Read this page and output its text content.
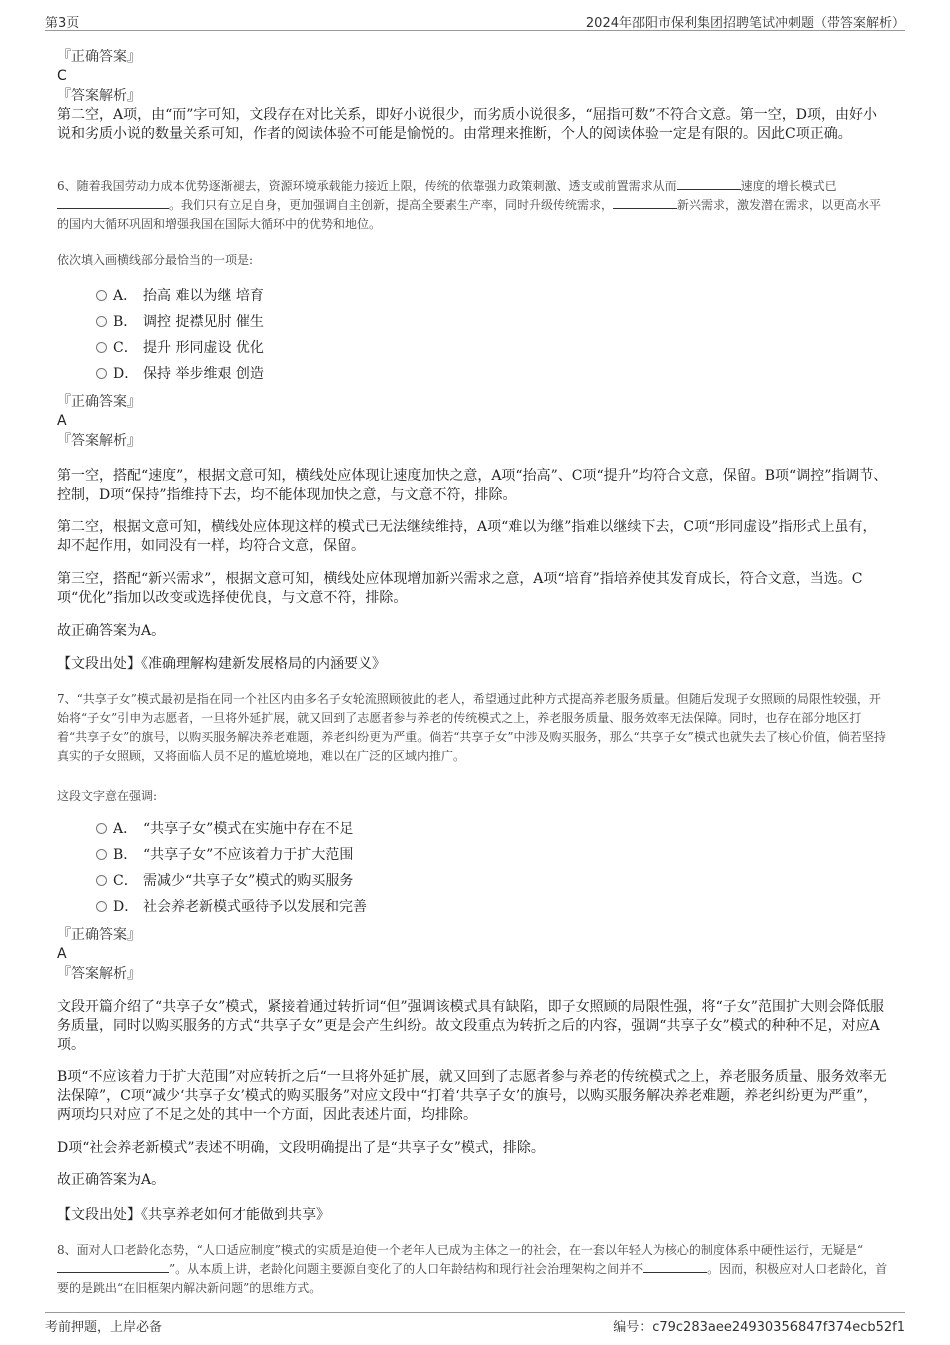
第3页	2024年邵阳市保利集团招聘笔试冲刺题（带答案解析）
『正确答案』
C
『答案解析』
第二空，A项，由“而”字可知，文段存在对比关系，即好小说很少，而劣质小说很多，“屈指可数”不符合文意。第一空，D项，由好小说和劣质小说的数量关系可知，作者的阅读体验不可能是愉悦的。由常理来推断，个人的阅读体验一定是有限的。因此C项正确。
6、随着我国劳动力成本优势逐渐褪去，资源环境承载能力接近上限，传统的依靠强力政策刺激、透支或前置需求从而	速度的增长模式已。我们只有立足自身，更加强调自主创新，提高全要素生产率，同时升级传统需求，	新兴需求，激发潜在需求，以更高水平的国内大循环巩固和增强我国在国际大循环中的优势和地位。
依次填入画横线部分最恰当的一项是:
A． 抬高 难以为继 培育
B． 调控 捉襟见肘 催生
C． 提升 形同虚设 优化
D． 保持 举步维艰 创造
『正确答案』
A
『答案解析』
第一空，搭配“速度”，根据文意可知，横线处应体现让速度加快之意，A项“抬高”、C项“提升”均符合文意，保留。B项“调控”指调节、控制，D项“保持”指维持下去，均不能体现加快之意，与文意不符，排除。
第二空，根据文意可知，横线处应体现这样的模式已无法继续维持，A项“难以为继”指难以继续下去，C项“形同虚设”指形式上虽有，却不起作用，如同没有一样，均符合文意，保留。
第三空，搭配“新兴需求”，根据文意可知，横线处应体现增加新兴需求之意，A项“培育”指培养使其发育成长，符合文意，当选。C项“优化”指加以改变或选择使优良，与文意不符，排除。
故正确答案为A。
【文段出处】《准确理解构建新发展格局的内涵要义》
7、“共享子女”模式最初是指在同一个社区内由多名子女轮流照顾彼此的老人，希望通过此种方式提高养老服务质量。但随后发现子女照顾的局限性较强，开始将“子女”引申为志愿者，一旦将外延扩展，就又回到了志愿者参与养老的传统模式之上，养老服务质量、服务效率无法保障。同时，也存在部分地区打着“共享子女”的旗号，以购买服务解决养老难题，养老纠纷更为严重。倘若“共享子女”中涉及购买服务，那么“共享子女”模式也就失去了核心价值，倘若坚持真实的子女照顾，又将面临人员不足的尴尬境地，难以在广泛的区域内推广。
这段文字意在强调:
A． “共享子女”模式在实施中存在不足
B． “共享子女”不应该着力于扩大范围
C． 需减少“共享子女”模式的购买服务
D． 社会养老新模式亟待予以发展和完善
『正确答案』
A
『答案解析』
文段开篇介绍了“共享子女”模式，紧接着通过转折词“但”强调该模式具有缺陷，即子女照顾的局限性强，将“子女”范围扩大则会降低服务质量，同时以购买服务的方式“共享子女”更是会产生纠纷。故文段重点为转折之后的内容，强调“共享子女”模式的种种不足，对应A项。
B项“不应该着力于扩大范围”对应转折之后“一旦将外延扩展，就又回到了志愿者参与养老的传统模式之上，养老服务质量、服务效率无法保障”，C项“减少‘共享子女’模式的购买服务”对应文段中“打着‘共享子女’的旗号，以购买服务解决养老难题，养老纠纷更为严重”，两项均只对应了不足之处的其中一个方面，因此表述片面，均排除。
D项“社会养老新模式”表述不明确，文段明确提出了是“共享子女”模式，排除。
故正确答案为A。
【文段出处】《共享养老如何才能做到共享》
8、面对人口老龄化态势，“人口适应制度”模式的实质是迫使一个老年人已成为主体之一的社会，在一套以年轻人为核心的制度体系中硬性运行，无疑是“”。从本质上讲，老龄化问题主要源自变化了的人口年龄结构和现行社会治理架构之间并不	。因而，积极应对人口老龄化，首要的是跳出“在旧框架内解决新问题”的思维方式。
考前押题，上岸必备	编号：c79c283aee24930356847f374ecb52f1
